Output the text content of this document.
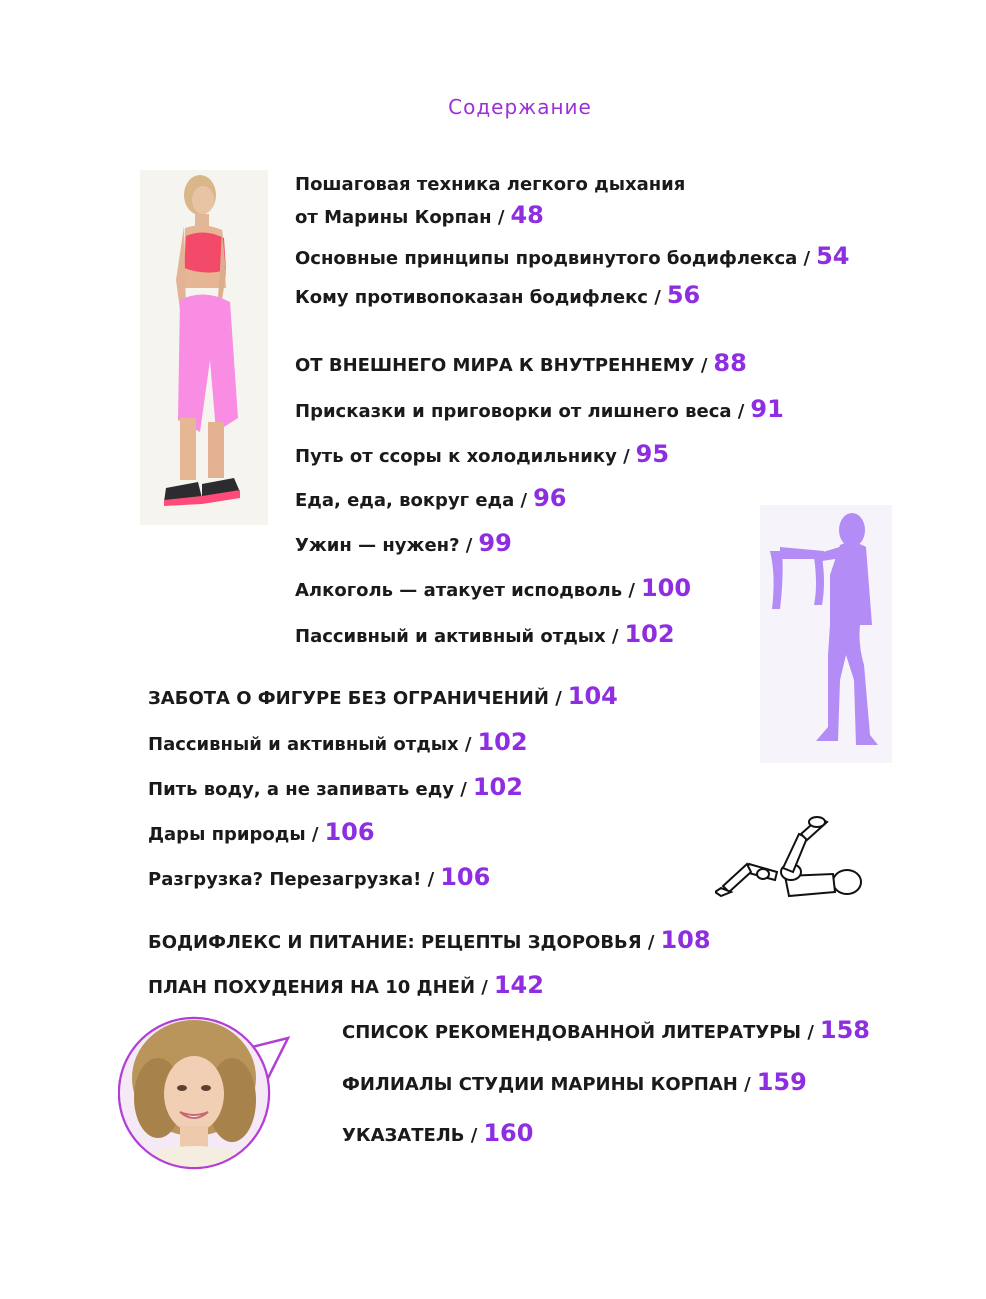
Содержание
Пошаговая техника легкого дыхания
от Марины Корпан / 48
Основные принципы продвинутого бодифлекса / 54
Кому противопоказан бодифлекс / 56
ОТ ВНЕШНЕГО МИРА К ВНУТРЕННЕМУ / 88
Присказки и приговорки от лишнего веса / 91
Путь от ссоры к холодильнику / 95
Еда, еда, вокруг еда / 96
Ужин — нужен? / 99
Алкоголь — атакует исподволь / 100
Пассивный и активный отдых / 102
ЗАБОТА О ФИГУРЕ БЕЗ ОГРАНИЧЕНИЙ / 104
Пассивный и активный отдых / 102
Пить воду, а не запивать еду / 102
Дары природы / 106
Разгрузка? Перезагрузка! / 106
БОДИФЛЕКС И ПИТАНИЕ: РЕЦЕПТЫ ЗДОРОВЬЯ / 108
ПЛАН ПОХУДЕНИЯ НА 10 ДНЕЙ / 142
СПИСОК РЕКОМЕНДОВАННОЙ ЛИТЕРАТУРЫ / 158
ФИЛИАЛЫ СТУДИИ МАРИНЫ КОРПАН / 159
УКАЗАТЕЛЬ / 160
